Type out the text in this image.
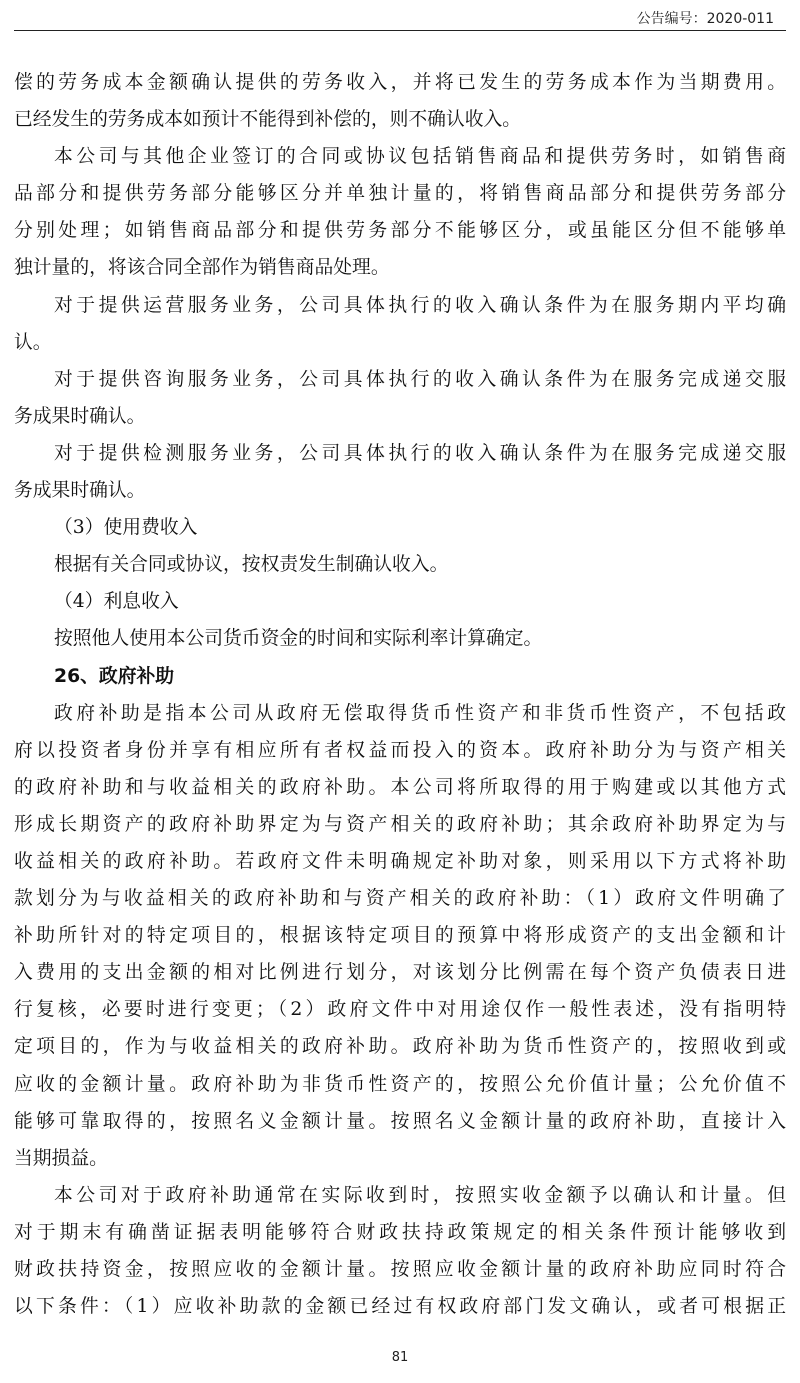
公告编号：2020-011
偿的劳务成本金额确认提供的劳务收入，并将已发生的劳务成本作为当期费用。
已经发生的劳务成本如预计不能得到补偿的，则不确认收入。
本公司与其他企业签订的合同或协议包括销售商品和提供劳务时，如销售商
品部分和提供劳务部分能够区分并单独计量的，将销售商品部分和提供劳务部分
分别处理；如销售商品部分和提供劳务部分不能够区分，或虽能区分但不能够单
独计量的，将该合同全部作为销售商品处理。
对于提供运营服务业务，公司具体执行的收入确认条件为在服务期内平均确
认。
对于提供咨询服务业务，公司具体执行的收入确认条件为在服务完成递交服
务成果时确认。
对于提供检测服务业务，公司具体执行的收入确认条件为在服务完成递交服
务成果时确认。
（3）使用费收入
根据有关合同或协议，按权责发生制确认收入。
（4）利息收入
按照他人使用本公司货币资金的时间和实际利率计算确定。
26、政府补助
政府补助是指本公司从政府无偿取得货币性资产和非货币性资产，不包括政
府以投资者身份并享有相应所有者权益而投入的资本。政府补助分为与资产相关
的政府补助和与收益相关的政府补助。本公司将所取得的用于购建或以其他方式
形成长期资产的政府补助界定为与资产相关的政府补助；其余政府补助界定为与
收益相关的政府补助。若政府文件未明确规定补助对象，则采用以下方式将补助
款划分为与收益相关的政府补助和与资产相关的政府补助：（1）政府文件明确了
补助所针对的特定项目的，根据该特定项目的预算中将形成资产的支出金额和计
入费用的支出金额的相对比例进行划分，对该划分比例需在每个资产负债表日进
行复核，必要时进行变更；（2）政府文件中对用途仅作一般性表述，没有指明特
定项目的，作为与收益相关的政府补助。政府补助为货币性资产的，按照收到或
应收的金额计量。政府补助为非货币性资产的，按照公允价值计量；公允价值不
能够可靠取得的，按照名义金额计量。按照名义金额计量的政府补助，直接计入
当期损益。
本公司对于政府补助通常在实际收到时，按照实收金额予以确认和计量。但
对于期末有确凿证据表明能够符合财政扶持政策规定的相关条件预计能够收到
财政扶持资金，按照应收的金额计量。按照应收金额计量的政府补助应同时符合
以下条件：（1）应收补助款的金额已经过有权政府部门发文确认，或者可根据正
81
